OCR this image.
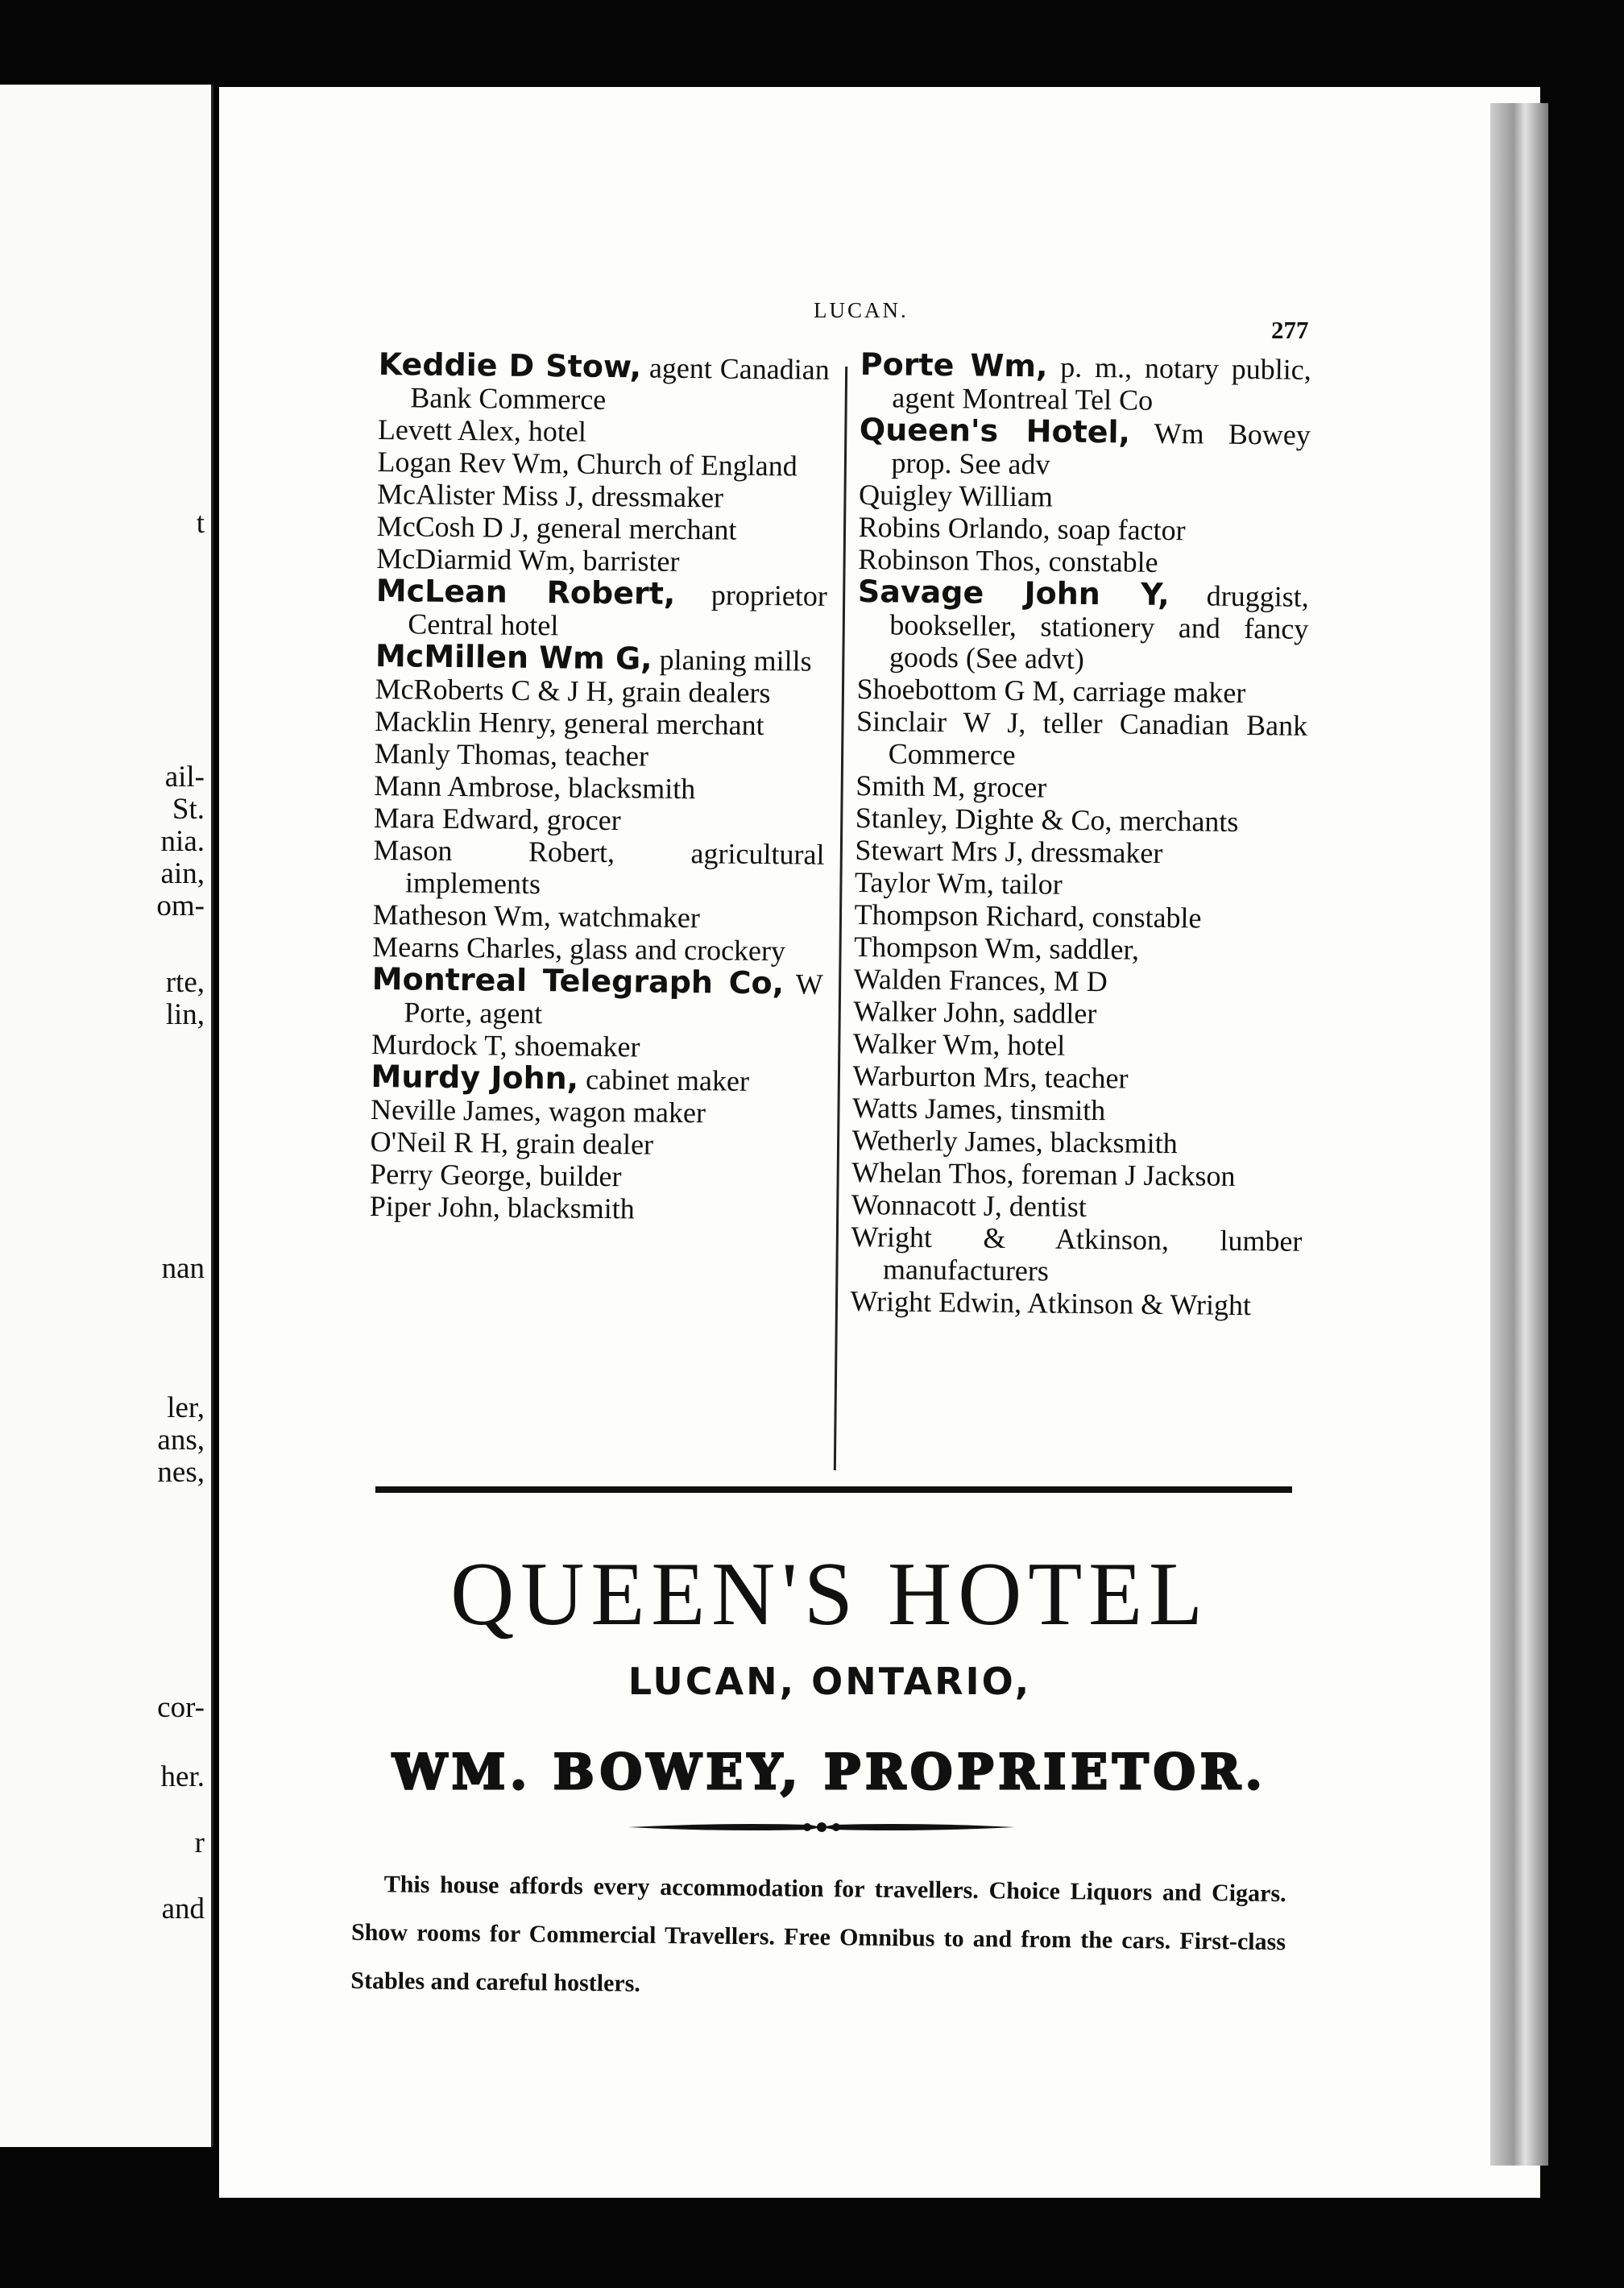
t
ail-
St.
nia.
ain,
om-
rte,
lin,
nan
ler,
ans,
nes,
cor-
her.
r
and
LUCAN.
277

Keddie D Stow, agent Canadian Bank Commerce

Levett Alex, hotel

Logan Rev Wm, Church of England

McAlister Miss J, dressmaker

McCosh D J, general merchant

McDiarmid Wm, barrister

McLean Robert, proprietor Central hotel

McMillen Wm G, planing mills

McRoberts C & J H, grain dealers

Macklin Henry, general merchant

Manly Thomas, teacher

Mann Ambrose, blacksmith

Mara Edward, grocer

Mason Robert, agricultural implements

Matheson Wm, watchmaker

Mearns Charles, glass and crockery

Montreal Telegraph Co, W Porte, agent

Murdock T, shoemaker

Murdy John, cabinet maker

Neville James, wagon maker

O'Neil R H, grain dealer

Perry George, builder

Piper John, blacksmith

Porte Wm, p. m., notary public, agent Montreal Tel Co

Queen's Hotel, Wm Bowey prop. See adv

Quigley William

Robins Orlando, soap factor

Robinson Thos, constable

Savage John Y, druggist, bookseller, stationery and fancy goods (See advt)

Shoebottom G M, carriage maker

Sinclair W J, teller Canadian Bank Commerce

Smith M, grocer

Stanley, Dighte & Co, merchants

Stewart Mrs J, dressmaker

Taylor Wm, tailor

Thompson Richard, constable

Thompson Wm, saddler,

Walden Frances, M D

Walker John, saddler

Walker Wm, hotel

Warburton Mrs, teacher

Watts James, tinsmith

Wetherly James, blacksmith

Whelan Thos, foreman J Jackson

Wonnacott J, dentist

Wright & Atkinson, lumber manufacturers

Wright Edwin, Atkinson & Wright

QUEEN'S HOTEL
LUCAN, ONTARIO,
WM. BOWEY, PROPRIETOR.
This house affords every accommodation for travellers. Choice Liquors and Cigars. Show rooms for Commercial Travellers. Free Omnibus to and from the cars. First-class Stables and careful hostlers.
